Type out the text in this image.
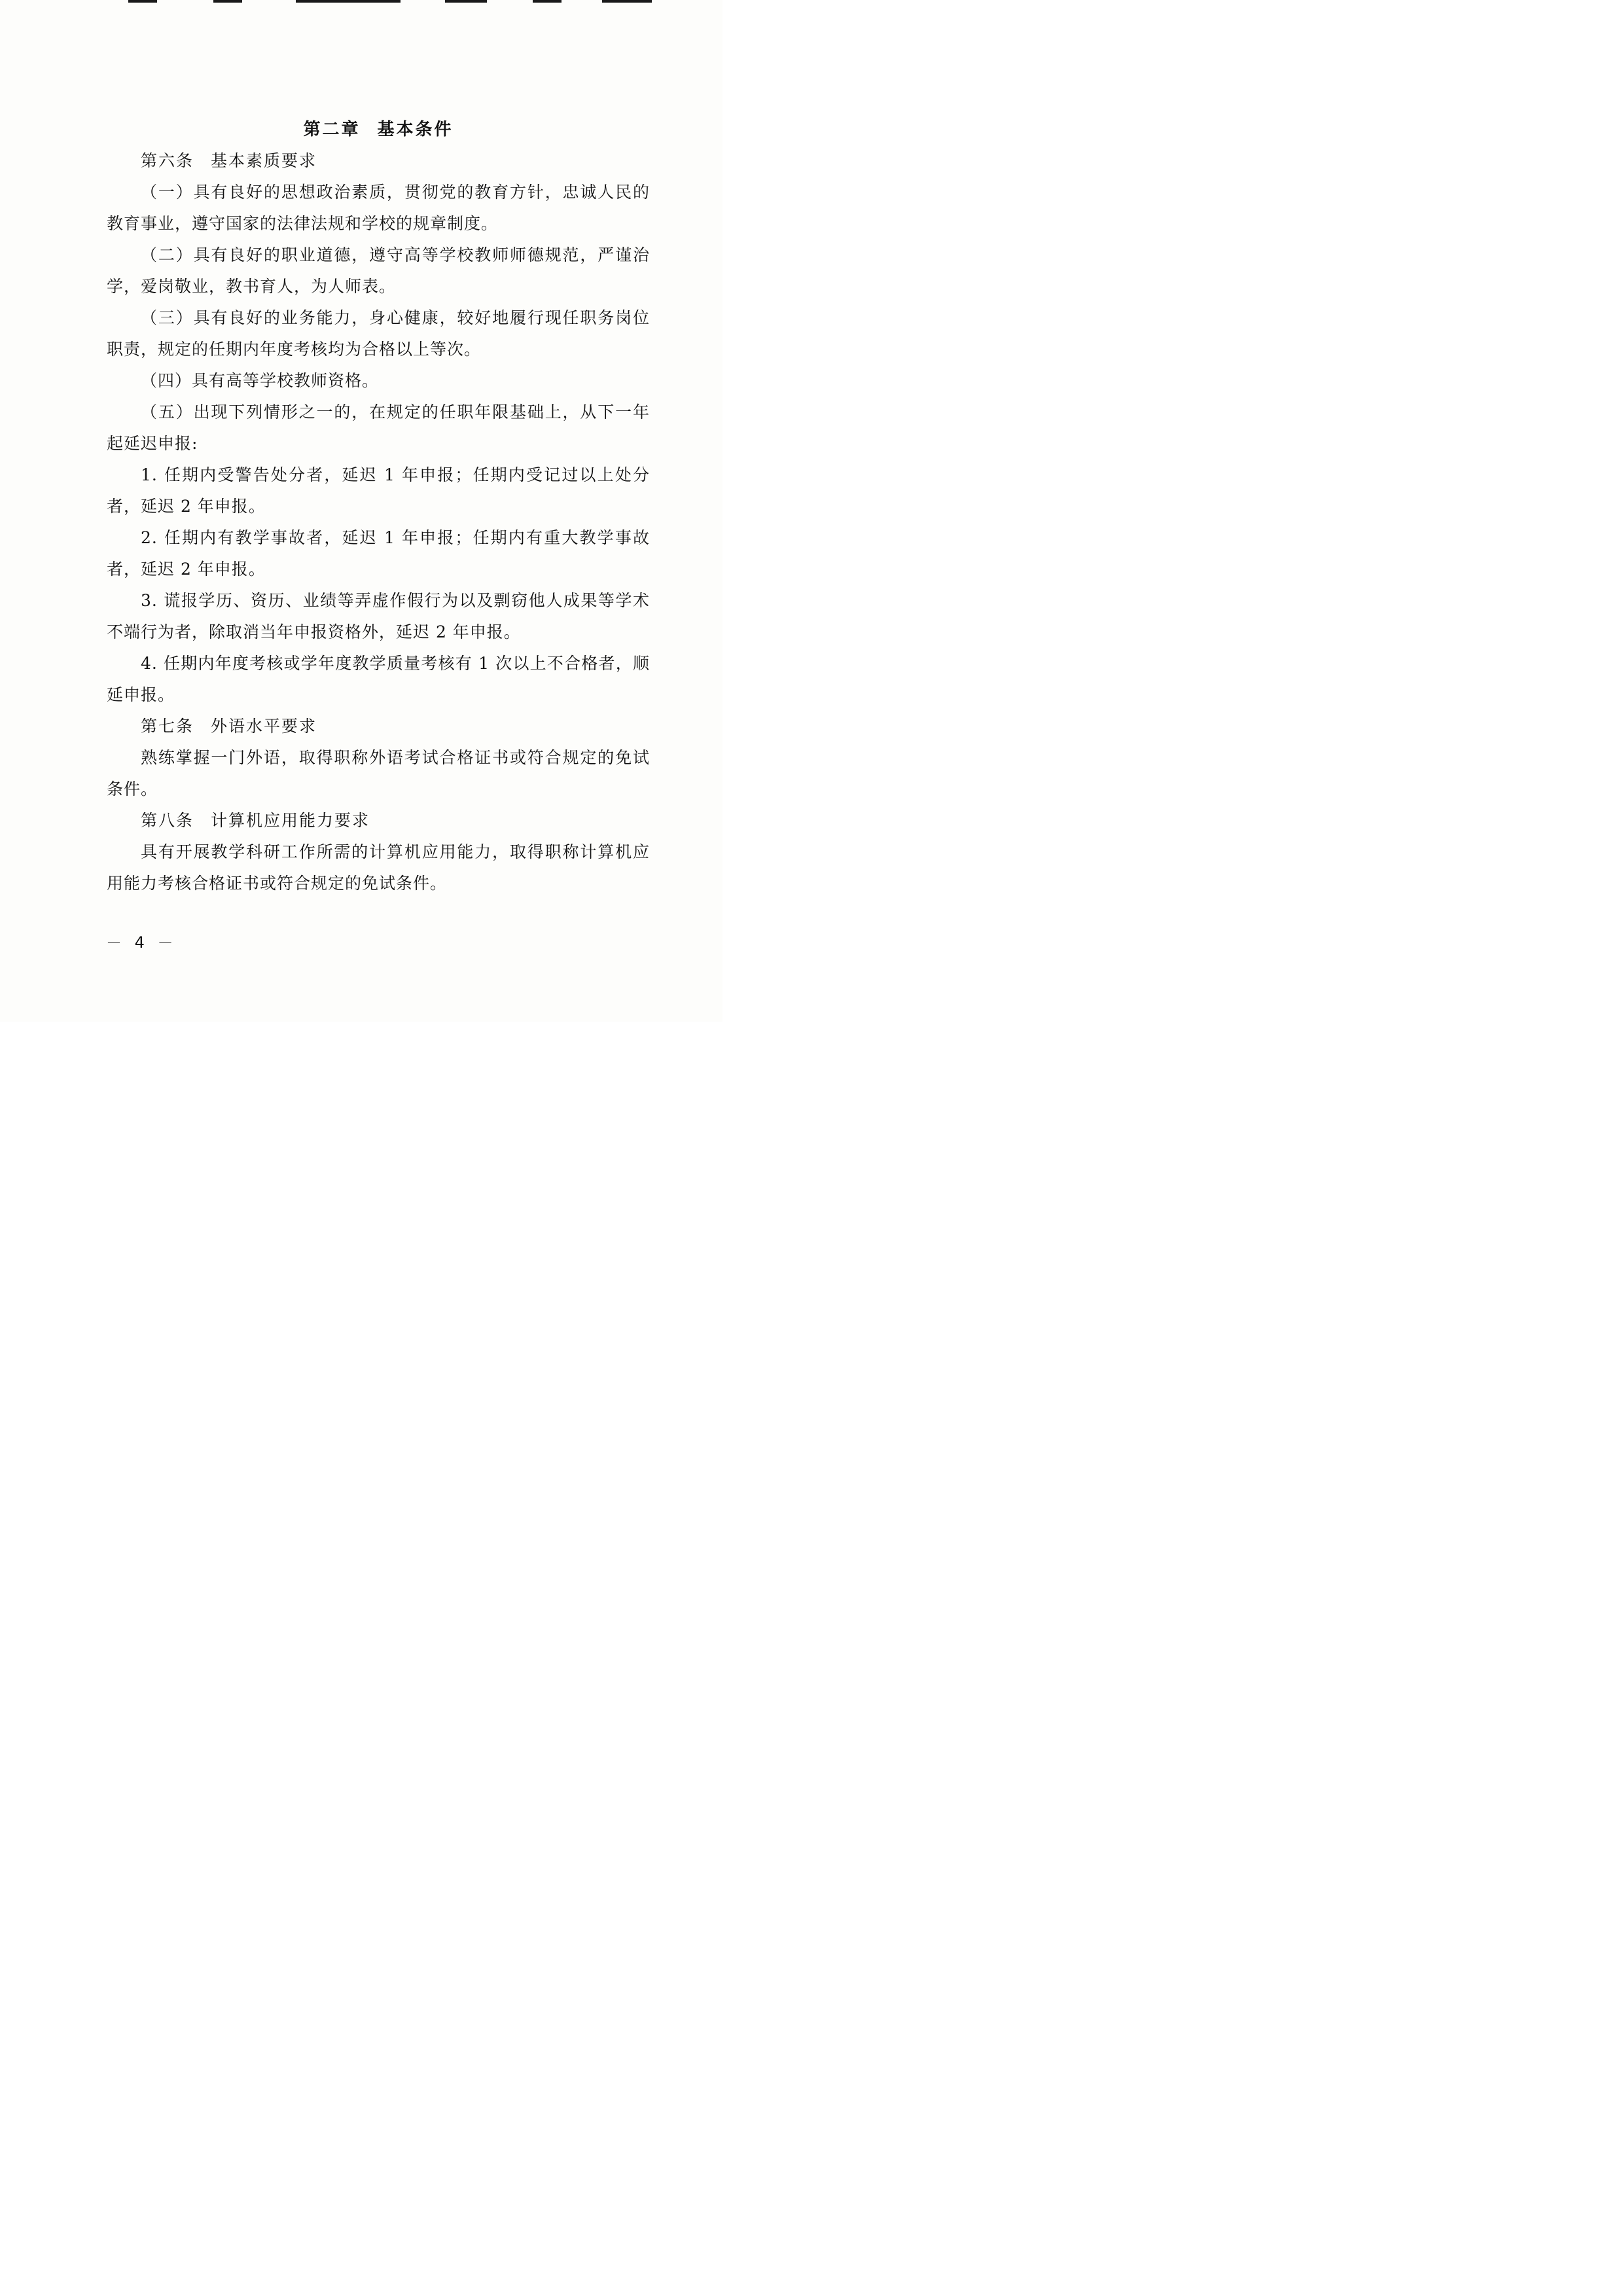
第二章 基本条件

第六条 基本素质要求

（一）具有良好的思想政治素质，贯彻党的教育方针，忠诚人民的教育事业，遵守国家的法律法规和学校的规章制度。

（二）具有良好的职业道德，遵守高等学校教师师德规范，严谨治学，爱岗敬业，教书育人，为人师表。

（三）具有良好的业务能力，身心健康，较好地履行现任职务岗位职责，规定的任期内年度考核均为合格以上等次。

（四）具有高等学校教师资格。

（五）出现下列情形之一的，在规定的任职年限基础上，从下一年起延迟申报:

1. 任期内受警告处分者，延迟 1 年申报；任期内受记过以上处分者，延迟 2 年申报。

2. 任期内有教学事故者，延迟 1 年申报；任期内有重大教学事故者，延迟 2 年申报。

3. 谎报学历、资历、业绩等弄虚作假行为以及剽窃他人成果等学术不端行为者，除取消当年申报资格外，延迟 2 年申报。

4. 任期内年度考核或学年度教学质量考核有 1 次以上不合格者，顺延申报。

第七条 外语水平要求

熟练掌握一门外语，取得职称外语考试合格证书或符合规定的免试条件。

第八条 计算机应用能力要求

具有开展教学科研工作所需的计算机应用能力，取得职称计算机应用能力考核合格证书或符合规定的免试条件。

－ 4 －
